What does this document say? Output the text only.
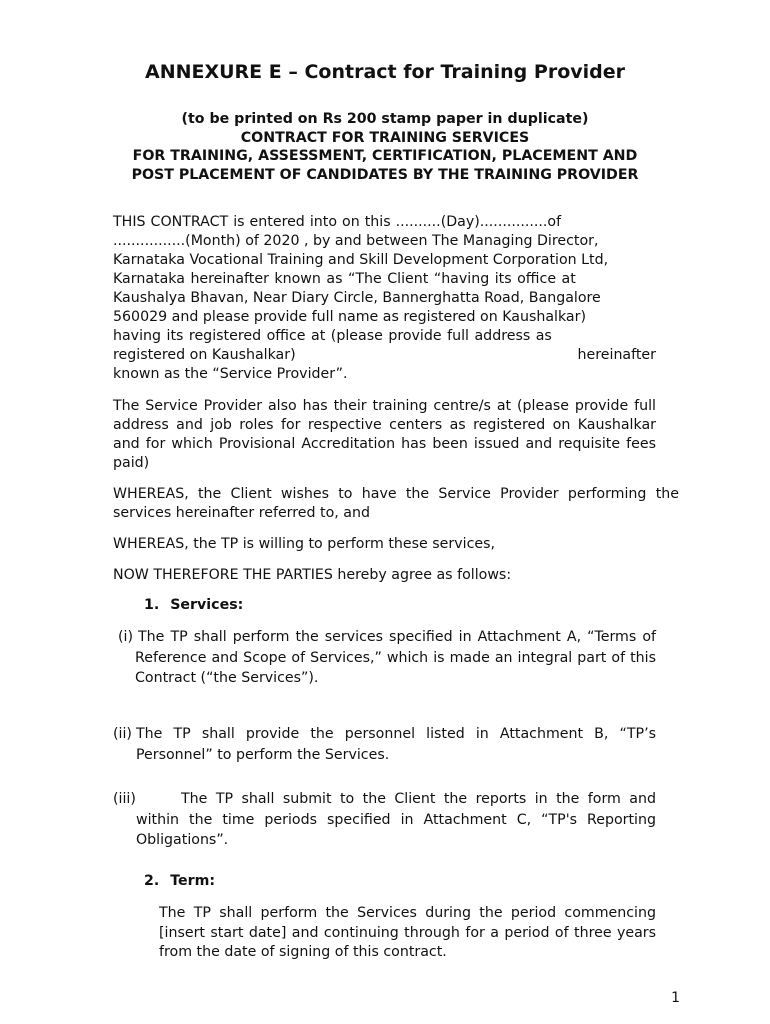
ANNEXURE E – Contract for Training Provider
(to be printed on Rs 200 stamp paper in duplicate)
CONTRACT FOR TRAINING SERVICES
FOR TRAINING, ASSESSMENT, CERTIFICATION, PLACEMENT AND
POST PLACEMENT OF CANDIDATES BY THE TRAINING PROVIDER
THIS CONTRACT is entered into on this ..........(Day)...............of
................(Month) of 2020 , by and between The Managing Director,
Karnataka Vocational Training and Skill Development Corporation Ltd,
Karnataka hereinafter known as “The Client “having its office at
Kaushalya Bhavan, Near Diary Circle, Bannerghatta Road, Bangalore
560029 and please provide full name as registered on Kaushalkar)
having its registered office at (please provide full address as
registered on Kaushalkar)	hereinafter
known as the “Service Provider”.

The Service Provider also has their training centre/s at (please provide full address and job roles for respective centers as registered on Kaushalkar and for which Provisional Accreditation has been issued and requisite fees paid)

WHEREAS, the Client wishes to have the Service Provider performing the services hereinafter referred to, and

WHEREAS, the TP is willing to perform these services,

NOW THEREFORE THE PARTIES hereby agree as follows:

1. Services:
(i) The TP shall perform the services specified in Attachment A, “Terms of Reference and Scope of Services,” which is made an integral part of this Contract (“the Services”).
(ii) The TP shall provide the personnel listed in Attachment B, “TP’s Personnel” to perform the Services.
(iii)	The TP shall submit to the Client the reports in the form and within the time periods specified in Attachment C, “TP's Reporting Obligations”.
2. Term:

The TP shall perform the Services during the period commencing [insert start date] and continuing through for a period of three years from the date of signing of this contract.

1
